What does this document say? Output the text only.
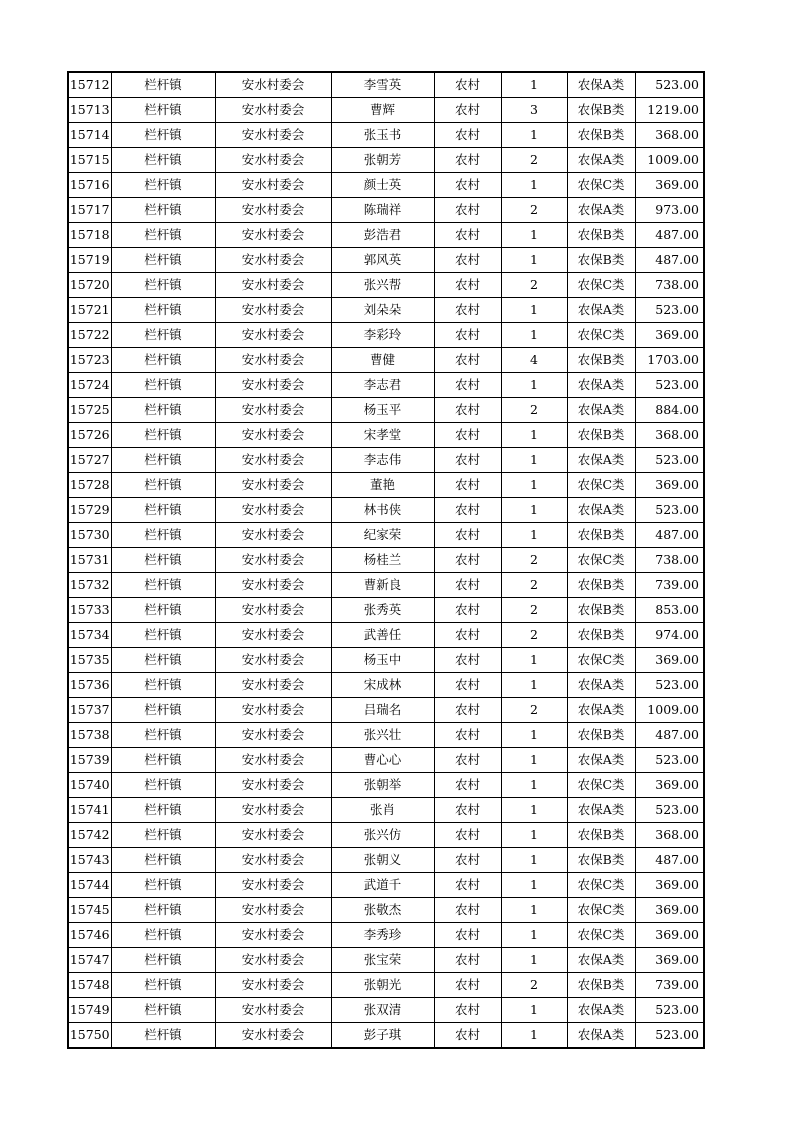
15712	栏杆镇	安水村委会	李雪英	农村	1	农保A类	523.00
15713	栏杆镇	安水村委会	曹辉	农村	3	农保B类	1219.00
15714	栏杆镇	安水村委会	张玉书	农村	1	农保B类	368.00
15715	栏杆镇	安水村委会	张朝芳	农村	2	农保A类	1009.00
15716	栏杆镇	安水村委会	颜士英	农村	1	农保C类	369.00
15717	栏杆镇	安水村委会	陈瑞祥	农村	2	农保A类	973.00
15718	栏杆镇	安水村委会	彭浩君	农村	1	农保B类	487.00
15719	栏杆镇	安水村委会	郭风英	农村	1	农保B类	487.00
15720	栏杆镇	安水村委会	张兴帮	农村	2	农保C类	738.00
15721	栏杆镇	安水村委会	刘朵朵	农村	1	农保A类	523.00
15722	栏杆镇	安水村委会	李彩玲	农村	1	农保C类	369.00
15723	栏杆镇	安水村委会	曹健	农村	4	农保B类	1703.00
15724	栏杆镇	安水村委会	李志君	农村	1	农保A类	523.00
15725	栏杆镇	安水村委会	杨玉平	农村	2	农保A类	884.00
15726	栏杆镇	安水村委会	宋孝堂	农村	1	农保B类	368.00
15727	栏杆镇	安水村委会	李志伟	农村	1	农保A类	523.00
15728	栏杆镇	安水村委会	董艳	农村	1	农保C类	369.00
15729	栏杆镇	安水村委会	林书侠	农村	1	农保A类	523.00
15730	栏杆镇	安水村委会	纪家荣	农村	1	农保B类	487.00
15731	栏杆镇	安水村委会	杨桂兰	农村	2	农保C类	738.00
15732	栏杆镇	安水村委会	曹新良	农村	2	农保B类	739.00
15733	栏杆镇	安水村委会	张秀英	农村	2	农保B类	853.00
15734	栏杆镇	安水村委会	武善任	农村	2	农保B类	974.00
15735	栏杆镇	安水村委会	杨玉中	农村	1	农保C类	369.00
15736	栏杆镇	安水村委会	宋成林	农村	1	农保A类	523.00
15737	栏杆镇	安水村委会	吕瑞名	农村	2	农保A类	1009.00
15738	栏杆镇	安水村委会	张兴壮	农村	1	农保B类	487.00
15739	栏杆镇	安水村委会	曹心心	农村	1	农保A类	523.00
15740	栏杆镇	安水村委会	张朝举	农村	1	农保C类	369.00
15741	栏杆镇	安水村委会	张肖	农村	1	农保A类	523.00
15742	栏杆镇	安水村委会	张兴仿	农村	1	农保B类	368.00
15743	栏杆镇	安水村委会	张朝义	农村	1	农保B类	487.00
15744	栏杆镇	安水村委会	武道千	农村	1	农保C类	369.00
15745	栏杆镇	安水村委会	张敬杰	农村	1	农保C类	369.00
15746	栏杆镇	安水村委会	李秀珍	农村	1	农保C类	369.00
15747	栏杆镇	安水村委会	张宝荣	农村	1	农保A类	369.00
15748	栏杆镇	安水村委会	张朝光	农村	2	农保B类	739.00
15749	栏杆镇	安水村委会	张双清	农村	1	农保A类	523.00
15750	栏杆镇	安水村委会	彭子琪	农村	1	农保A类	523.00
